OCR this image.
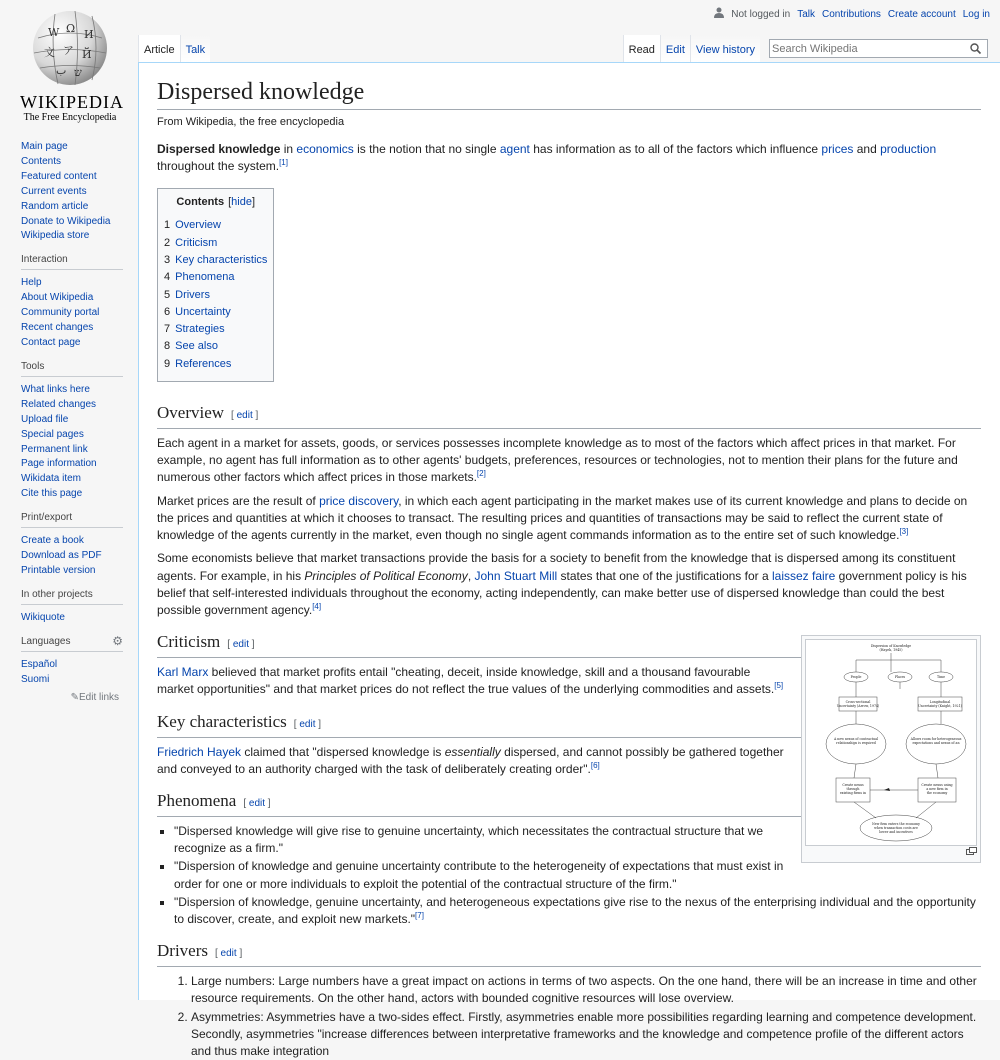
W Ω И
文 ア Й
ب ש
WIKIPEDIA
The Free Encyclopedia
Not logged in Talk Contributions Create account Log in
Article	Talk	Read	Edit	View history
Search Wikipedia
Main page
Contents
Featured content
Current events
Random article
Donate to Wikipedia
Wikipedia store
Interaction
Help
About Wikipedia
Community portal
Recent changes
Contact page
Tools
What links here
Related changes
Upload file
Special pages
Permanent link
Page information
Wikidata item
Cite this page
Print/export
Create a book
Download as PDF
Printable version
In other projects
Wikiquote
Languages	⚙
Español
Suomi
✎Edit links
Dispersed knowledge
From Wikipedia, the free encyclopedia

Dispersed knowledge in economics is the notion that no single agent has information as to all of the factors which influence prices and production throughout the system.[1]

Contents [hide]
1 Overview
2 Criticism
3 Key characteristics
4 Phenomena
5 Drivers
6 Uncertainty
7 Strategies
8 See also
9 References
Overview [ edit ]

Each agent in a market for assets, goods, or services possesses incomplete knowledge as to most of the factors which affect prices in that market. For example, no agent has full information as to other agents' budgets, preferences, resources or technologies, not to mention their plans for the future and numerous other factors which affect prices in those markets.[2]

Market prices are the result of price discovery, in which each agent participating in the market makes use of its current knowledge and plans to decide on the prices and quantities at which it chooses to transact. The resulting prices and quantities of transactions may be said to reflect the current state of knowledge of the agents currently in the market, even though no single agent commands information as to the entire set of such knowledge.[3]

Some economists believe that market transactions provide the basis for a society to benefit from the knowledge that is dispersed among its constituent agents. For example, in his Principles of Political Economy, John Stuart Mill states that one of the justifications for a laissez faire government policy is his belief that self-interested individuals throughout the economy, acting independently, can make better use of dispersed knowledge than could the best possible government agency.[4]

Dispersion of Knowledge
(Hayek, 1945)
People	Places	Time
Cross-sectional
Uncertainty (Arrow, 1974)
Longitudinal
Uncertainty (Knight, 1921)
A new nexus of contractual
relationships is required
Allows room for heterogeneous
expectations and nexus of an
Create nexus
through
existing firms in
Create nexus using
a new firm in
the economy
New firm enters the economy
when transaction costs are
lower and incentives
Criticism [ edit ]

Karl Marx believed that market profits entail "cheating, deceit, inside knowledge, skill and a thousand favourable market opportunities" and that market prices do not reflect the true values of the underlying commodities and assets.[5]

Key characteristics [ edit ]

Friedrich Hayek claimed that "dispersed knowledge is essentially dispersed, and cannot possibly be gathered together and conveyed to an authority charged with the task of deliberately creating order".[6]

Phenomena [ edit ]
▪ "Dispersed knowledge will give rise to genuine uncertainty, which necessitates the contractual structure that we recognize as a firm."
▪ "Dispersion of knowledge and genuine uncertainty contribute to the heterogeneity of expectations that must exist in order for one or more individuals to exploit the potential of the contractual structure of the firm."
▪ "Dispersion of knowledge, genuine uncertainty, and heterogeneous expectations give rise to the nexus of the enterprising individual and the opportunity to discover, create, and exploit new markets."[7]
Drivers [ edit ]
1. Large numbers: Large numbers have a great impact on actions in terms of two aspects. On the one hand, there will be an increase in time and other resource requirements. On the other hand, actors with bounded cognitive resources will lose overview.
2. Asymmetries: Asymmetries have a two-sides effect. Firstly, asymmetries enable more possibilities regarding learning and competence development. Secondly, asymmetries "increase differences between interpretative frameworks and the knowledge and competence profile of the different actors and thus make integration
